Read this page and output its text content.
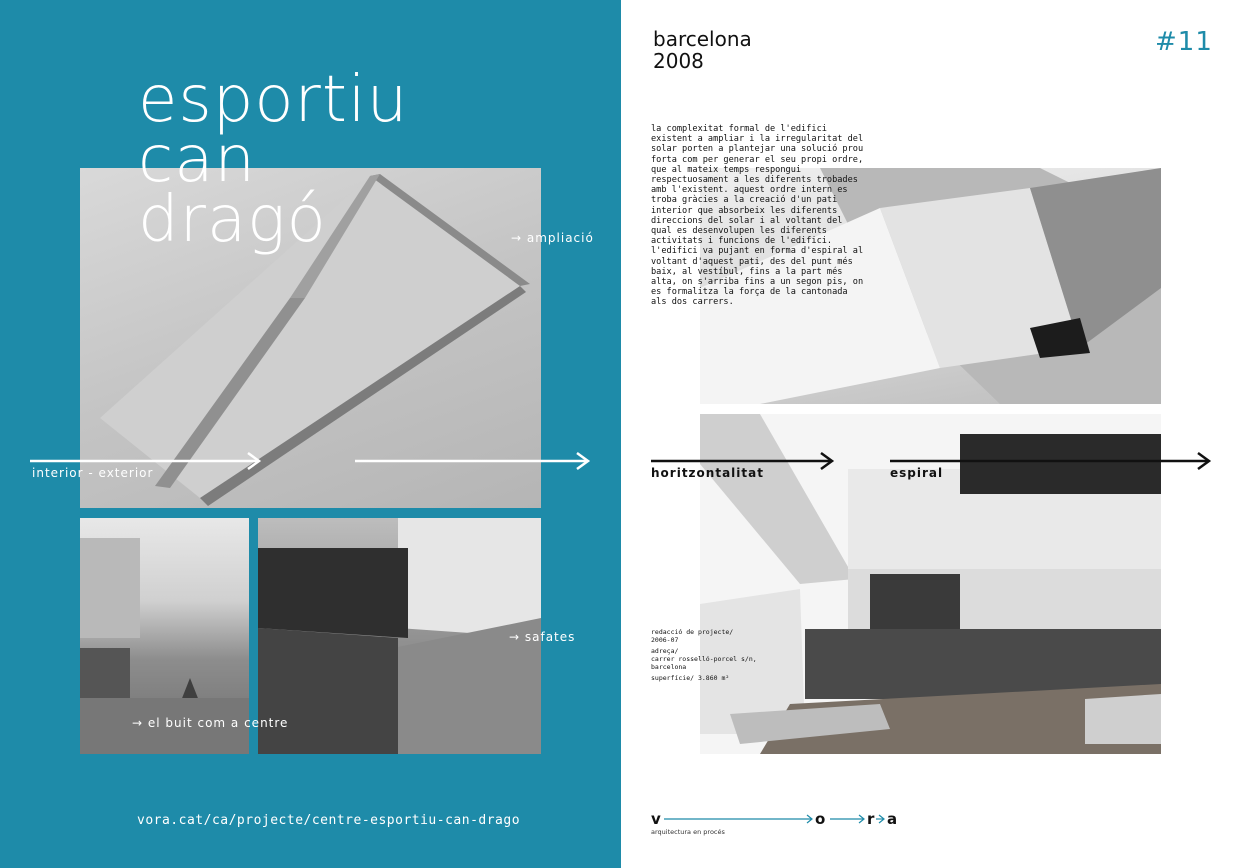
esportiu
can
dragó	→ ampliació
interior - exterior
→ safates
→ el buit com a centre
vora.cat/ca/projecte/centre-esportiu-can-drago
barcelona
2008
#11

la complexitat formal de l'edifici existent a ampliar i la irregularitat del solar porten a plantejar una solució prou forta com per generar el seu propi ordre, que al mateix temps respongui respectuosament a les diferents trobades amb l'existent. aquest ordre intern es troba gràcies a la creació d'un pati interior que absorbeix les diferents direccions del solar i al voltant del qual es desenvolupen les diferents activitats i funcions de l'edifici. l'edifici va pujant en forma d'espiral al voltant d'aquest pati, des del punt més baix, al vestíbul, fins a la part més alta, on s'arriba fins a un segon pis, on es formalitza la força de la cantonada als dos carrers.

horitzontalitat	espiral
redacció de projecte/
2006-07
adreça/
carrer rosselló-porcel s/n,
barcelona
superfície/ 3.860 m²
v	o	r a
arquitectura en procés
